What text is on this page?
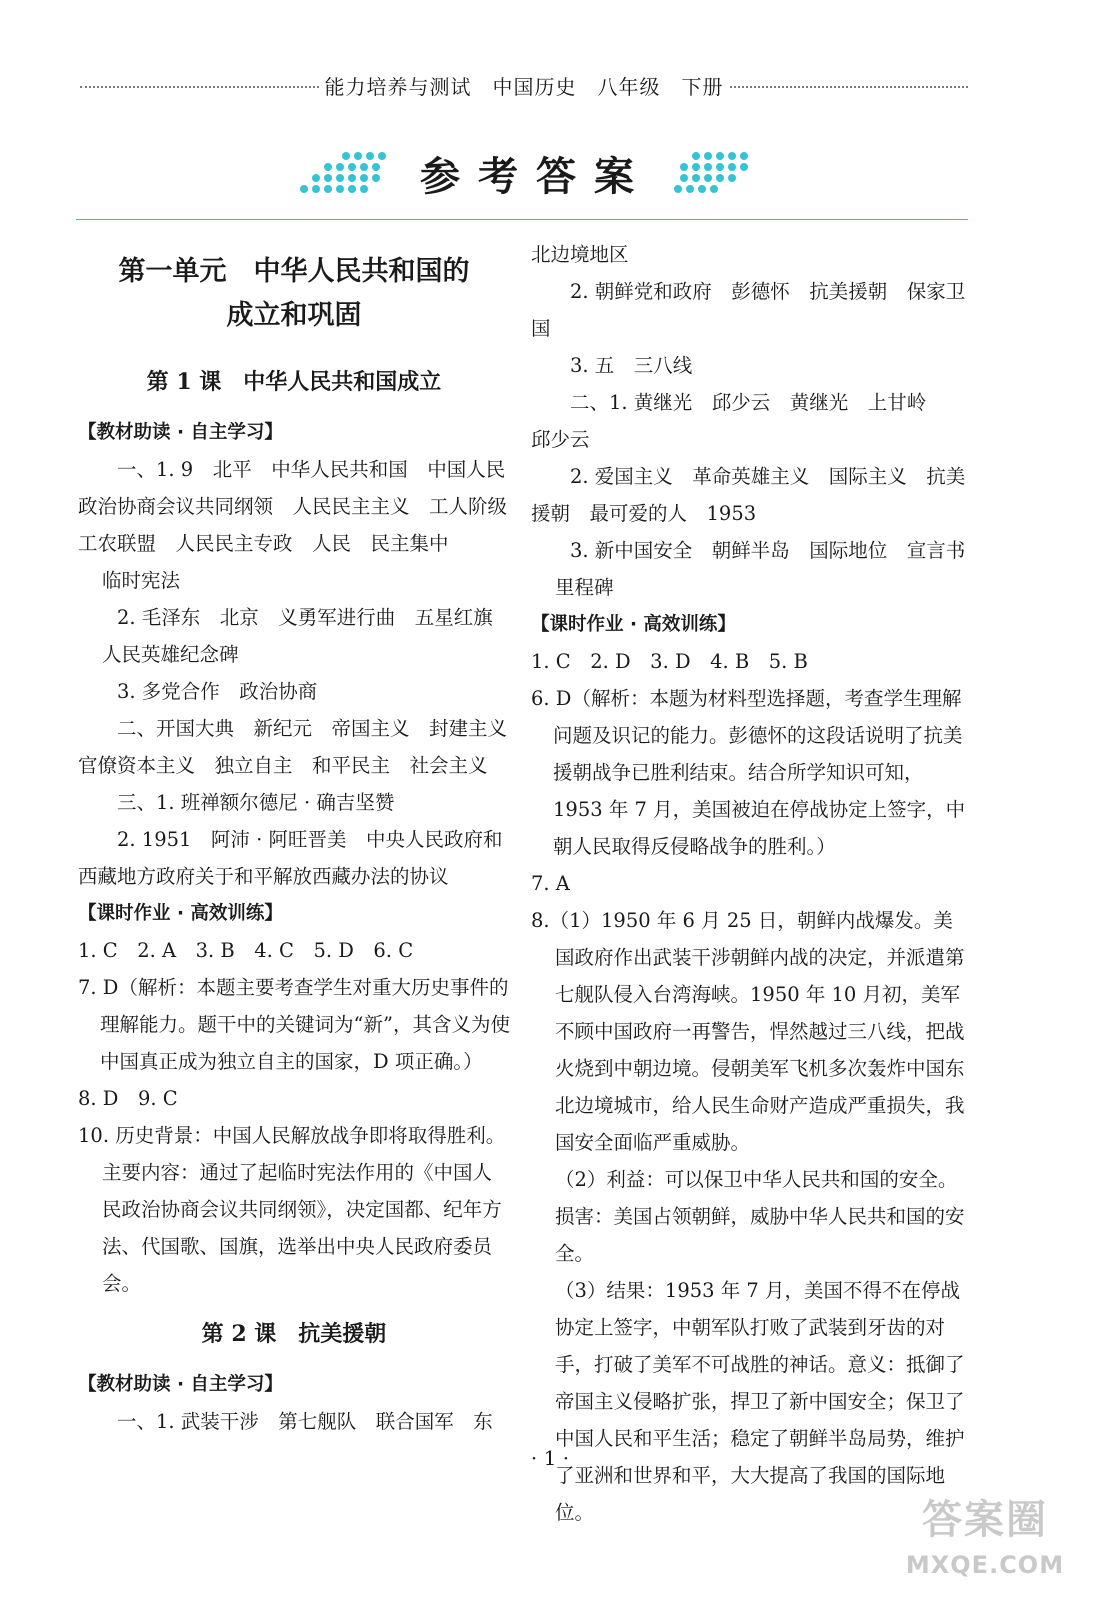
能力培养与测试　中国历史　八年级　下册
参考答案
第一单元　中华人民共和国的
成立和巩固
第 1 课　中华人民共和国成立

【教材助读 · 自主学习】

一、1. 9　北平　中华人民共和国　中国人民政治协商会议共同纲领　人民民主主义　工人阶级　工农联盟　人民民主专政　人民　民主集中

临时宪法

2. 毛泽东　北京　义勇军进行曲　五星红旗

人民英雄纪念碑

3. 多党合作　政治协商

二、开国大典　新纪元　帝国主义　封建主义　官僚资本主义　独立自主　和平民主　社会主义

三、1. 班禅额尔德尼 · 确吉坚赞

2. 1951　阿沛 · 阿旺晋美　中央人民政府和西藏地方政府关于和平解放西藏办法的协议

【课时作业 · 高效训练】

1. C　2. A　3. B　4. C　5. D　6. C

7. D（解析：本题主要考查学生对重大历史事件的理解能力。题干中的关键词为“新”，其含义为使中国真正成为独立自主的国家，D 项正确。）

8. D　9. C

10. 历史背景：中国人民解放战争即将取得胜利。

主要内容：通过了起临时宪法作用的《中国人民政治协商会议共同纲领》，决定国都、纪年方法、代国歌、国旗，选举出中央人民政府委员会。

第 2 课　抗美援朝

【教材助读 · 自主学习】

一、1. 武装干涉　第七舰队　联合国军　东

北边境地区

2. 朝鲜党和政府　彭德怀　抗美援朝　保家卫国

3. 五　三八线

二、1. 黄继光　邱少云　黄继光　上甘岭

邱少云

2. 爱国主义　革命英雄主义　国际主义　抗美援朝　最可爱的人　1953

3. 新中国安全　朝鲜半岛　国际地位　宣言书

里程碑

【课时作业 · 高效训练】

1. C　2. D　3. D　4. B　5. B

6. D（解析：本题为材料型选择题，考查学生理解问题及识记的能力。彭德怀的这段话说明了抗美援朝战争已胜利结束。结合所学知识可知，1953 年 7 月，美国被迫在停战协定上签字，中朝人民取得反侵略战争的胜利。）

7. A

8.（1）1950 年 6 月 25 日，朝鲜内战爆发。美国政府作出武装干涉朝鲜内战的决定，并派遣第七舰队侵入台湾海峡。1950 年 10 月初，美军不顾中国政府一再警告，悍然越过三八线，把战火烧到中朝边境。侵朝美军飞机多次轰炸中国东北边境城市，给人民生命财产造成严重损失，我国安全面临严重威胁。

（2）利益：可以保卫中华人民共和国的安全。损害：美国占领朝鲜，威胁中华人民共和国的安全。

（3）结果：1953 年 7 月，美国不得不在停战协定上签字，中朝军队打败了武装到牙齿的对手，打破了美军不可战胜的神话。意义：抵御了帝国主义侵略扩张，捍卫了新中国安全；保卫了中国人民和平生活；稳定了朝鲜半岛局势，维护了亚洲和世界和平，大大提高了我国的国际地位。

· 1 ·
答案圈
MXQE.COM
